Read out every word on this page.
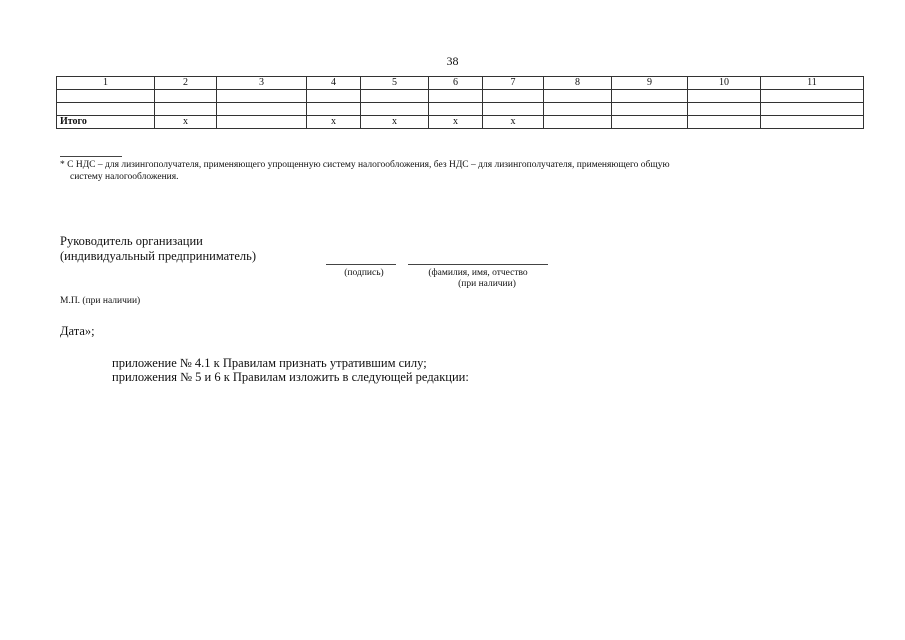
38
1	2	3	4	5	6	7	8	9	10	11

Итого	х		х	х	х	х				
* С НДС – для лизингополучателя, применяющего упрощенную систему налогообложения, без НДС – для лизингополучателя, применяющего общую
систему налогообложения.
Руководитель организации
(индивидуальный предприниматель)
(подпись)	(фамилия, имя, отчество
(при наличии)
М.П. (при наличии)
Дата»;
приложение № 4.1 к Правилам признать утратившим силу;
приложения № 5 и 6 к Правилам изложить в следующей редакции:
